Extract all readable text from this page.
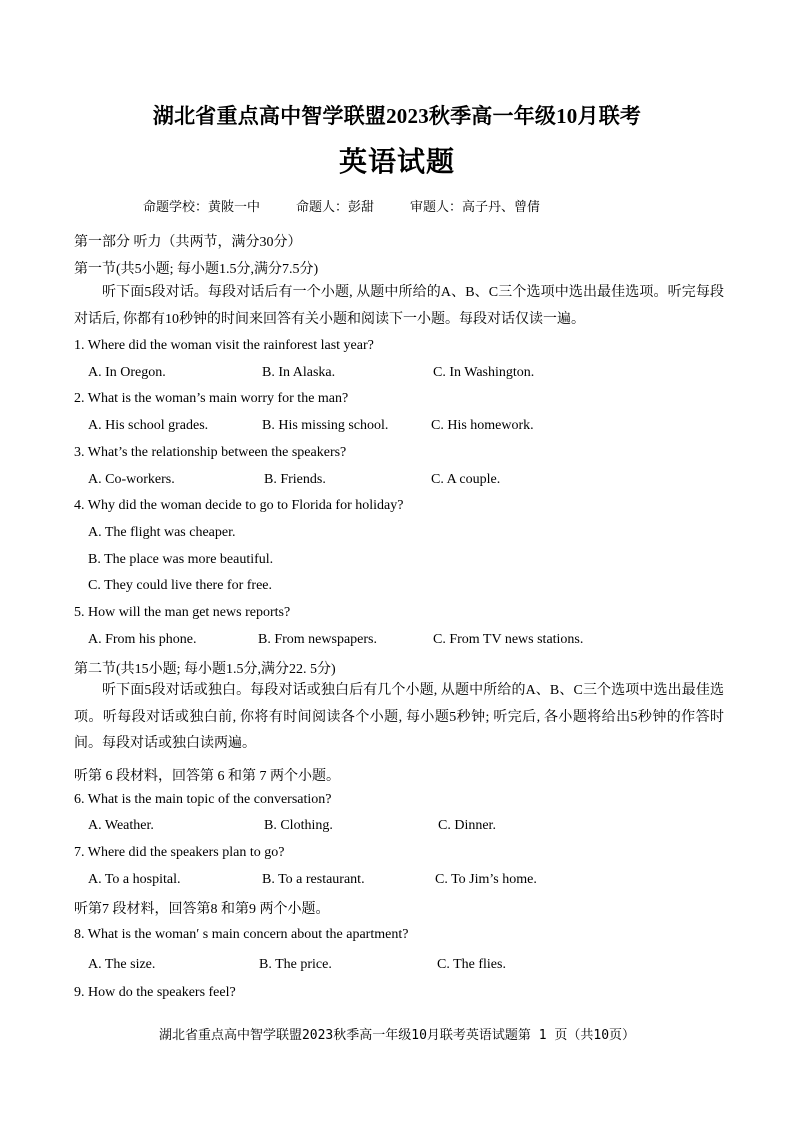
湖北省重点高中智学联盟2023秋季高一年级10月联考
英语试题
命题学校：黄陂一中	命题人：彭甜	审题人：高子丹、曾倩
第一部分 听力（共两节，满分30分）
第一节(共5小题; 每小题1.5分,满分7.5分)
听下面5段对话。每段对话后有一个小题, 从题中所给的A、B、C三个选项中选出最佳选项。听完每段对话后, 你都有10秒钟的时间来回答有关小题和阅读下一小题。每段对话仅读一遍。
1. Where did the woman visit the rainforest last year?
A. In Oregon.	B. In Alaska.	C. In Washington.
2. What is the woman’s main worry for the man?
A. His school grades.	B. His missing school.	C. His homework.
3. What’s the relationship between the speakers?
A. Co-workers.	B. Friends.	C. A couple.
4. Why did the woman decide to go to Florida for holiday?
A. The flight was cheaper.
B. The place was more beautiful.
C. They could live there for free.
5. How will the man get news reports?
A. From his phone.	B. From newspapers.	C. From TV news stations.
第二节(共15小题; 每小题1.5分,满分22. 5分)
听下面5段对话或独白。每段对话或独白后有几个小题, 从题中所给的A、B、C三个选项中选出最佳选项。听每段对话或独白前, 你将有时间阅读各个小题, 每小题5秒钟; 听完后, 各小题将给出5秒钟的作答时间。每段对话或独白读两遍。
听第 6 段材料，回答第 6 和第 7 两个小题。
6. What is the main topic of the conversation?
A. Weather.	B. Clothing.	C. Dinner.
7. Where did the speakers plan to go?
A. To a hospital.	B. To a restaurant.	C. To Jim’s home.
听第7 段材料，回答第8 和第9 两个小题。
8. What is the woman′ s main concern about the apartment?
A. The size.	B. The price.	C. The flies.
9. How do the speakers feel?
湖北省重点高中智学联盟2023秋季高一年级10月联考英语试题第 1 页（共10页）
